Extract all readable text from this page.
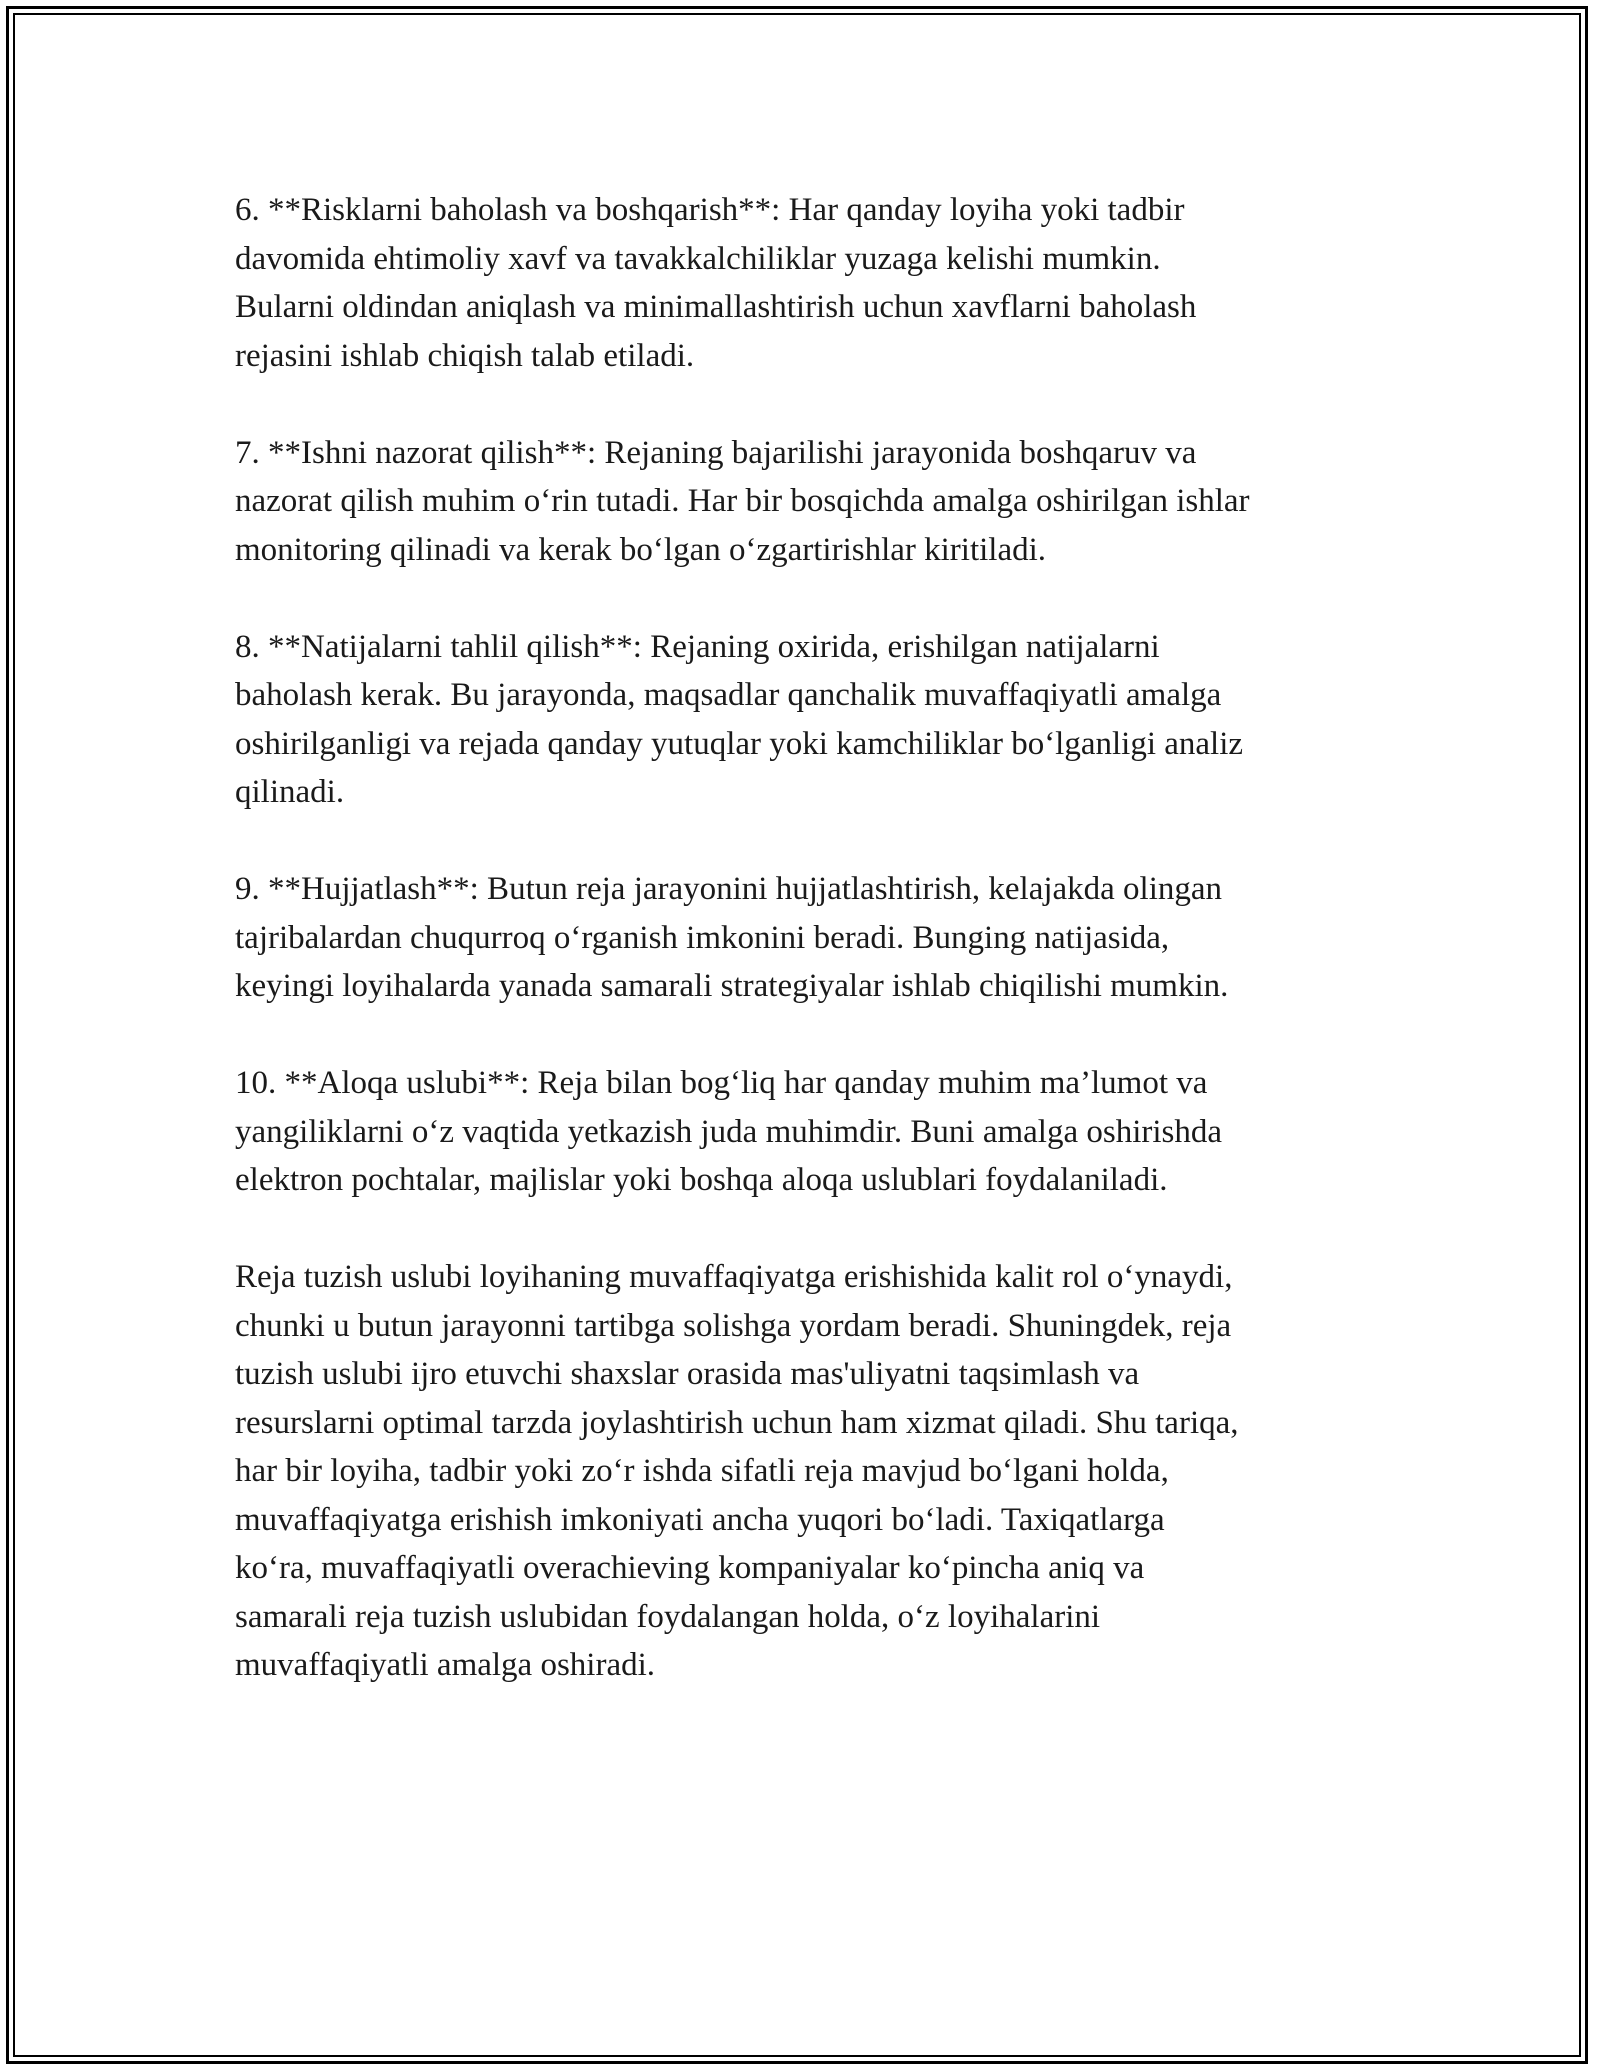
6. **Risklarni baholash va boshqarish**: Har qanday loyiha yoki tadbir
davomida ehtimoliy xavf va tavakkalchiliklar yuzaga kelishi mumkin.
Bularni oldindan aniqlash va minimallashtirish uchun xavflarni baholash
rejasini ishlab chiqish talab etiladi.

7. **Ishni nazorat qilish**: Rejaning bajarilishi jarayonida boshqaruv va
nazorat qilish muhim o‘rin tutadi. Har bir bosqichda amalga oshirilgan ishlar
monitoring qilinadi va kerak bo‘lgan o‘zgartirishlar kiritiladi.

8. **Natijalarni tahlil qilish**: Rejaning oxirida, erishilgan natijalarni
baholash kerak. Bu jarayonda, maqsadlar qanchalik muvaffaqiyatli amalga
oshirilganligi va rejada qanday yutuqlar yoki kamchiliklar bo‘lganligi analiz
qilinadi.

9. **Hujjatlash**: Butun reja jarayonini hujjatlashtirish, kelajakda olingan
tajribalardan chuqurroq o‘rganish imkonini beradi. Bunging natijasida,
keyingi loyihalarda yanada samarali strategiyalar ishlab chiqilishi mumkin.

10. **Aloqa uslubi**: Reja bilan bog‘liq har qanday muhim ma’lumot va
yangiliklarni o‘z vaqtida yetkazish juda muhimdir. Buni amalga oshirishda
elektron pochtalar, majlislar yoki boshqa aloqa uslublari foydalaniladi.

Reja tuzish uslubi loyihaning muvaffaqiyatga erishishida kalit rol o‘ynaydi,
chunki u butun jarayonni tartibga solishga yordam beradi. Shuningdek, reja
tuzish uslubi ijro etuvchi shaxslar orasida mas'uliyatni taqsimlash va
resurslarni optimal tarzda joylashtirish uchun ham xizmat qiladi. Shu tariqa,
har bir loyiha, tadbir yoki zo‘r ishda sifatli reja mavjud bo‘lgani holda,
muvaffaqiyatga erishish imkoniyati ancha yuqori bo‘ladi. Taxiqatlarga
ko‘ra, muvaffaqiyatli overachieving kompaniyalar ko‘pincha aniq va
samarali reja tuzish uslubidan foydalangan holda, o‘z loyihalarini
muvaffaqiyatli amalga oshiradi.
